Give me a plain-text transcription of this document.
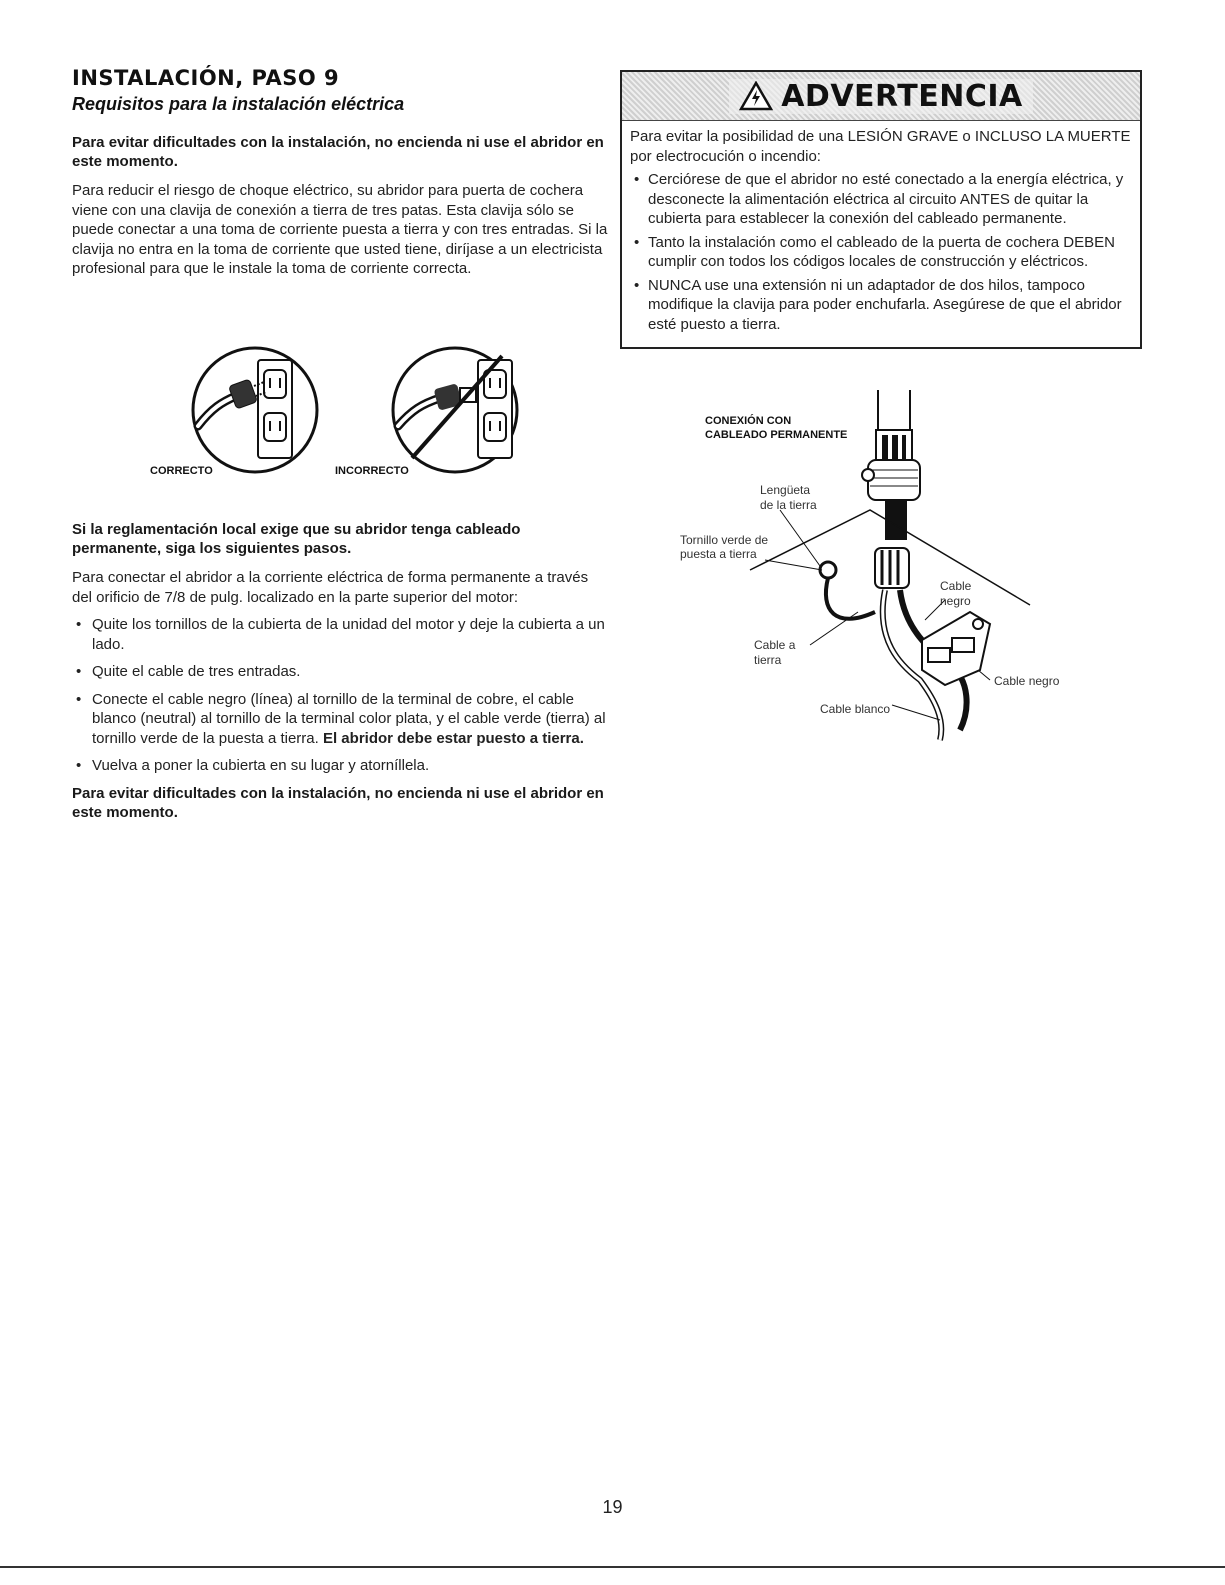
INSTALACIÓN, PASO 9
Requisitos para la instalación eléctrica

Para evitar dificultades con la instalación, no encienda ni use el abridor en este momento.

Para reducir el riesgo de choque eléctrico, su abridor para puerta de cochera viene con una clavija de conexión a tierra de tres patas. Esta clavija sólo se puede conectar a una toma de corriente puesta a tierra y con tres entradas. Si la clavija no entra en la toma de corriente que usted tiene, diríjase a un electricista profesional para que le instale la toma de corriente correcta.

CORRECTO	INCORRECTO

Si la reglamentación local exige que su abridor tenga cableado permanente, siga los siguientes pasos.

Para conectar el abridor a la corriente eléctrica de forma permanente a través del orificio de 7/8 de pulg. localizado en la parte superior del motor:

• Quite los tornillos de la cubierta de la unidad del motor y deje la cubierta a un lado.
• Quite el cable de tres entradas.
• Conecte el cable negro (línea) al tornillo de la terminal de cobre, el cable blanco (neutral) al tornillo de la terminal color plata, y el cable verde (tierra) al tornillo verde de la puesta a tierra. El abridor debe estar puesto a tierra.
• Vuelva a poner la cubierta en su lugar y atorníllela.

Para evitar dificultades con la instalación, no encienda ni use el abridor en este momento.

ADVERTENCIA

Para evitar la posibilidad de una LESIÓN GRAVE o INCLUSO LA MUERTE por electrocución o incendio:

• Cerciórese de que el abridor no esté conectado a la energía eléctrica, y desconecte la alimentación eléctrica al circuito ANTES de quitar la cubierta para establecer la conexión del cableado permanente.
• Tanto la instalación como el cableado de la puerta de cochera DEBEN cumplir con todos los códigos locales de construcción y eléctricos.
• NUNCA use una extensión ni un adaptador de dos hilos, tampoco modifique la clavija para poder enchufarla. Asegúrese de que el abridor esté puesto a tierra.
CONEXIÓN CON
CABLEADO PERMANENTE
Lengüeta
de la tierra
Tornillo verde de
puesta a tierra
Cable
negro
Cable a
tierra
Cable negro
Cable blanco
19
